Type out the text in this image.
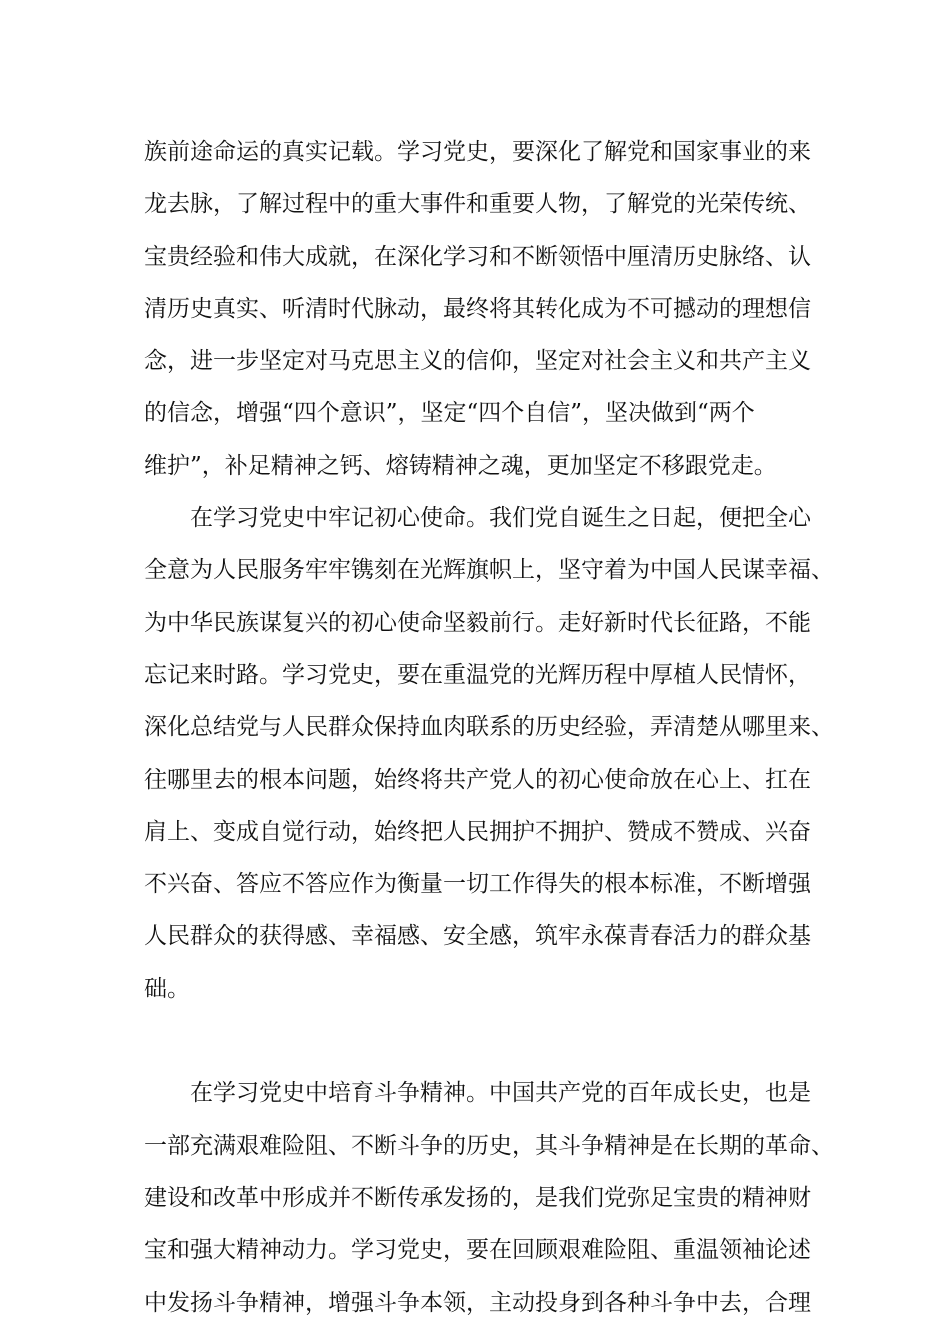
族前途命运的真实记载。学习党史，要深化了解党和国家事业的来
龙去脉，了解过程中的重大事件和重要人物，了解党的光荣传统、
宝贵经验和伟大成就，在深化学习和不断领悟中厘清历史脉络、认
清历史真实、听清时代脉动，最终将其转化成为不可撼动的理想信
念，进一步坚定对马克思主义的信仰，坚定对社会主义和共产主义
的信念，增强“四个意识”，坚定“四个自信”，坚决做到“两个
维护”，补足精神之钙、熔铸精神之魂，更加坚定不移跟党走。
在学习党史中牢记初心使命。我们党自诞生之日起，便把全心
全意为人民服务牢牢镌刻在光辉旗帜上，坚守着为中国人民谋幸福、
为中华民族谋复兴的初心使命坚毅前行。走好新时代长征路，不能
忘记来时路。学习党史，要在重温党的光辉历程中厚植人民情怀，
深化总结党与人民群众保持血肉联系的历史经验，弄清楚从哪里来、
往哪里去的根本问题，始终将共产党人的初心使命放在心上、扛在
肩上、变成自觉行动，始终把人民拥护不拥护、赞成不赞成、兴奋
不兴奋、答应不答应作为衡量一切工作得失的根本标准，不断增强
人民群众的获得感、幸福感、安全感，筑牢永葆青春活力的群众基
础。
在学习党史中培育斗争精神。中国共产党的百年成长史，也是
一部充满艰难险阻、不断斗争的历史，其斗争精神是在长期的革命、
建设和改革中形成并不断传承发扬的，是我们党弥足宝贵的精神财
宝和强大精神动力。学习党史，要在回顾艰难险阻、重温领袖论述
中发扬斗争精神，增强斗争本领，主动投身到各种斗争中去，合理
